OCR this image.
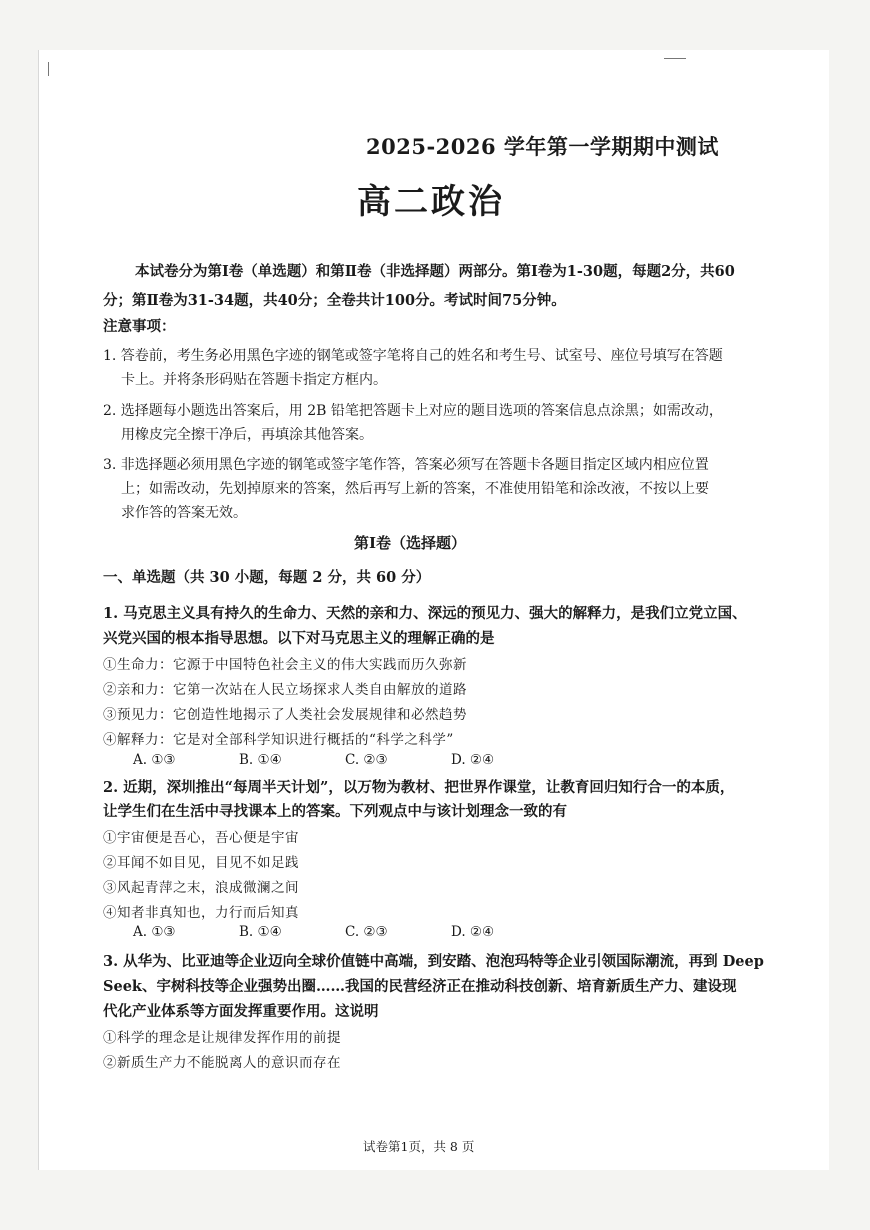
2025-2026 学年第一学期期中测试
高二政治
本试卷分为第Ⅰ卷（单选题）和第Ⅱ卷（非选择题）两部分。第Ⅰ卷为1-30题，每题2分，共60分；第Ⅱ卷为31-34题，共40分；全卷共计100分。考试时间75分钟。
注意事项：
1. 答卷前，考生务必用黑色字迹的钢笔或签字笔将自己的姓名和考生号、试室号、座位号填写在答题
卡上。并将条形码贴在答题卡指定方框内。
2. 选择题每小题选出答案后，用 2B 铅笔把答题卡上对应的题目选项的答案信息点涂黑；如需改动，
用橡皮完全擦干净后，再填涂其他答案。
3. 非选择题必须用黑色字迹的钢笔或签字笔作答，答案必须写在答题卡各题目指定区域内相应位置
上；如需改动，先划掉原来的答案，然后再写上新的答案，不准使用铅笔和涂改液，不按以上要
求作答的答案无效。
第Ⅰ卷（选择题）
一、单选题（共 30 小题，每题 2 分，共 60 分）
1. 马克思主义具有持久的生命力、天然的亲和力、深远的预见力、强大的解释力，是我们立党立国、
兴党兴国的根本指导思想。以下对马克思主义的理解正确的是
①生命力：它源于中国特色社会主义的伟大实践而历久弥新
②亲和力：它第一次站在人民立场探求人类自由解放的道路
③预见力：它创造性地揭示了人类社会发展规律和必然趋势
④解释力：它是对全部科学知识进行概括的“科学之科学”
A. ①③	B. ①④	C. ②③	D. ②④
2. 近期，深圳推出“每周半天计划”，以万物为教材、把世界作课堂，让教育回归知行合一的本质，
让学生们在生活中寻找课本上的答案。下列观点中与该计划理念一致的有
①宇宙便是吾心，吾心便是宇宙
②耳闻不如目见，目见不如足践
③风起青萍之末，浪成微澜之间
④知者非真知也，力行而后知真
A. ①③	B. ①④	C. ②③	D. ②④
3. 从华为、比亚迪等企业迈向全球价值链中高端，到安踏、泡泡玛特等企业引领国际潮流，再到 Deep
Seek、宇树科技等企业强势出圈……我国的民营经济正在推动科技创新、培育新质生产力、建设现
代化产业体系等方面发挥重要作用。这说明
①科学的理念是让规律发挥作用的前提
②新质生产力不能脱离人的意识而存在
试卷第1页，共 8 页
